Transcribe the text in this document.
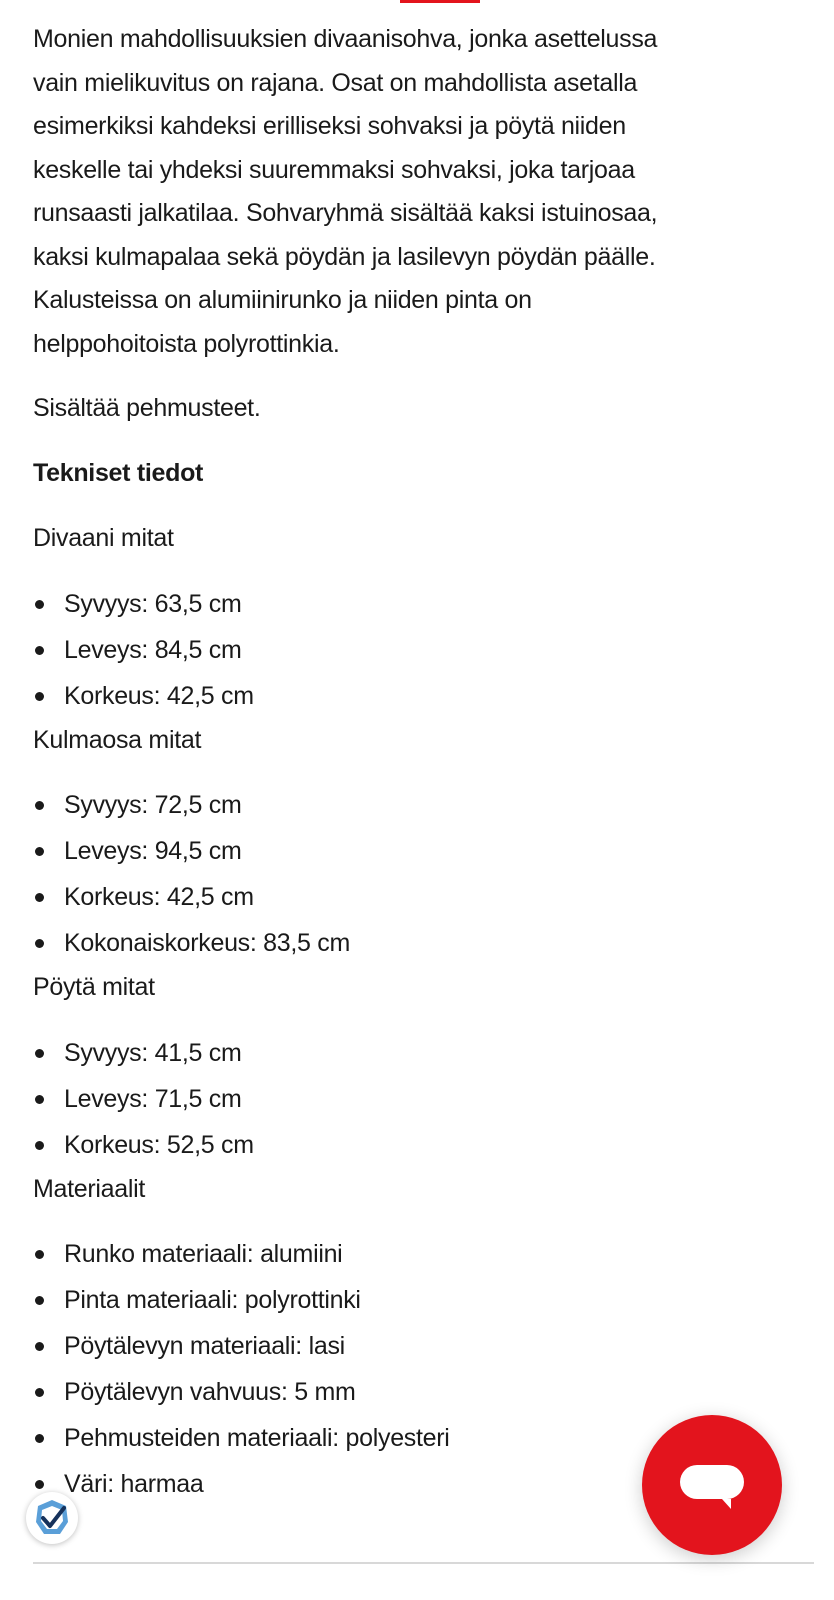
Monien mahdollisuuksien divaanisohva, jonka asettelussa
vain mielikuvitus on rajana. Osat on mahdollista asetalla
esimerkiksi kahdeksi erilliseksi sohvaksi ja pöytä niiden
keskelle tai yhdeksi suuremmaksi sohvaksi, joka tarjoaa
runsaasti jalkatilaa. Sohvaryhmä sisältää kaksi istuinosaa,
kaksi kulmapalaa sekä pöydän ja lasilevyn pöydän päälle.
Kalusteissa on alumiinirunko ja niiden pinta on
helppohoitoista polyrottinkia.
Sisältää pehmusteet.
Tekniset tiedot
Divaani mitat
Syvyys: 63,5 cm
Leveys: 84,5 cm
Korkeus: 42,5 cm
Kulmaosa mitat
Syvyys: 72,5 cm
Leveys: 94,5 cm
Korkeus: 42,5 cm
Kokonaiskorkeus: 83,5 cm
Pöytä mitat
Syvyys: 41,5 cm
Leveys: 71,5 cm
Korkeus: 52,5 cm
Materiaalit
Runko materiaali: alumiini
Pinta materiaali: polyrottinki
Pöytälevyn materiaali: lasi
Pöytälevyn vahvuus: 5 mm
Pehmusteiden materiaali: polyesteri
Väri: harmaa
